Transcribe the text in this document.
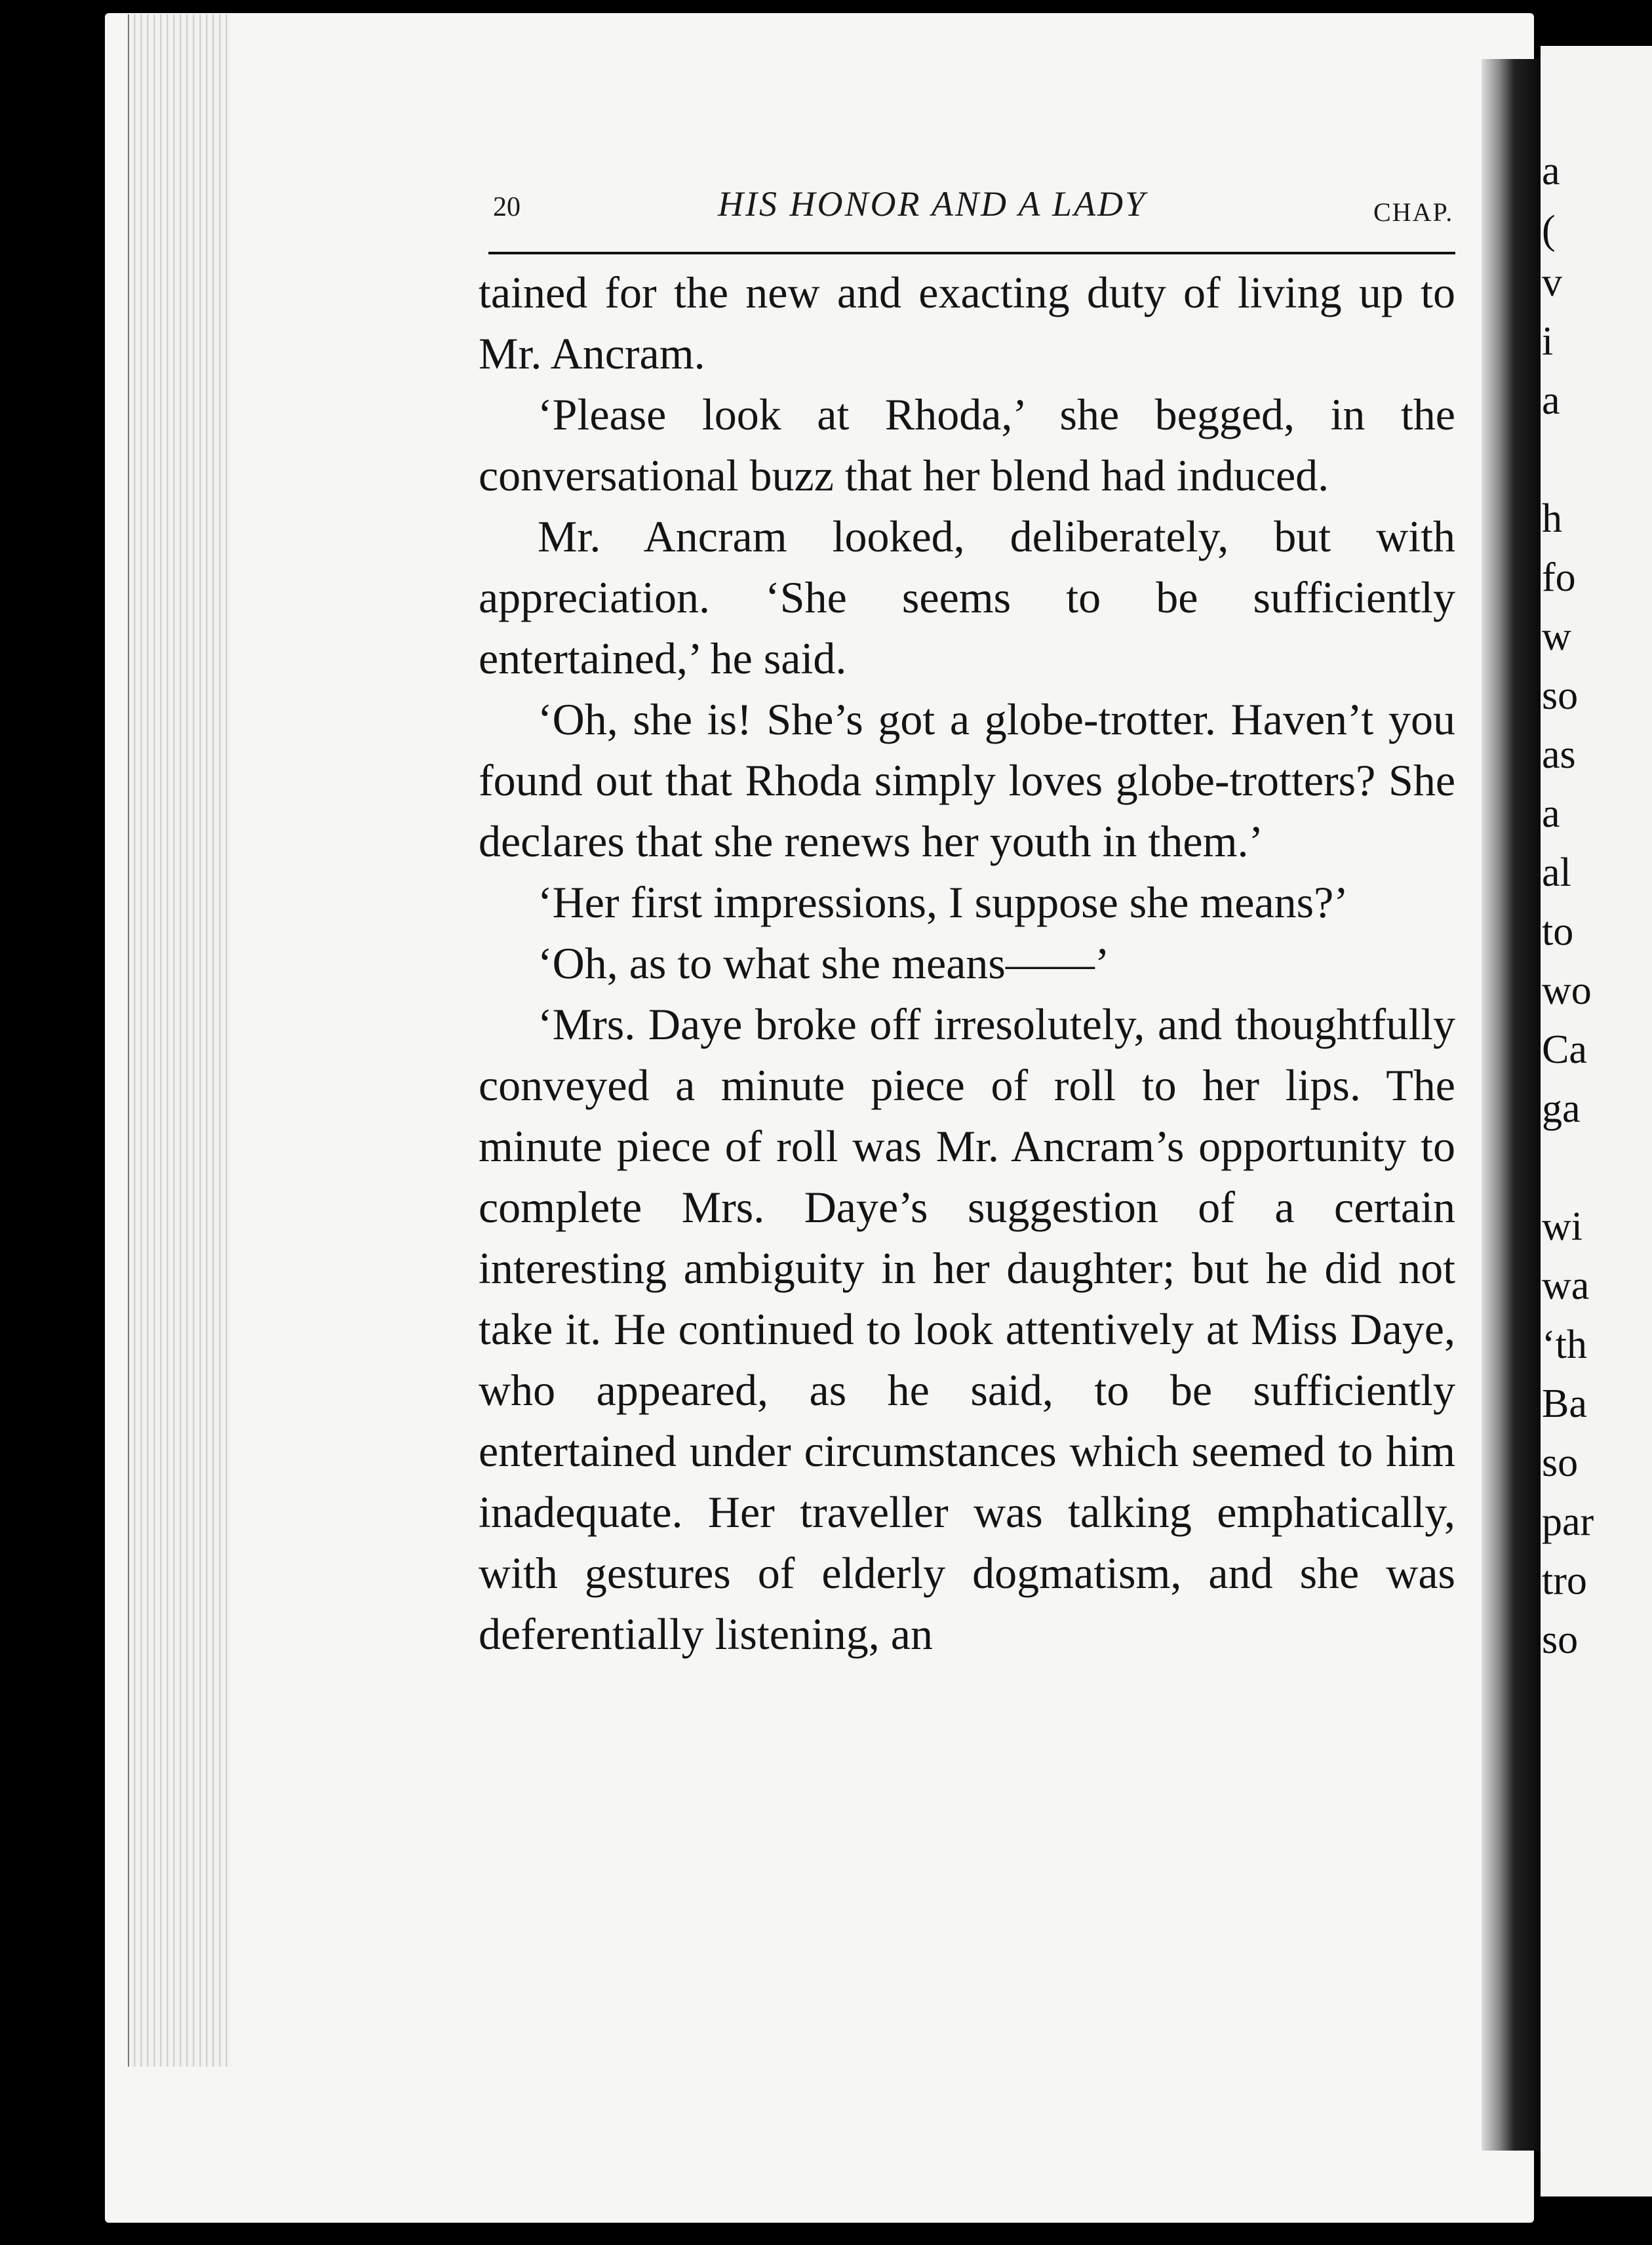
a
(
v
i
a
h
fo
w
so
as
a
al
to
wo
Ca
ga
wi
wa
‘th
Ba
so
par
tro
so
20	HIS HONOR AND A LADY	CHAP.

tained for the new and exacting duty of living up to Mr. Ancram.

‘Please look at Rhoda,’ she begged, in the conversational buzz that her blend had induced.

Mr. Ancram looked, deliberately, but with appreciation. ‘She seems to be sufficiently entertained,’ he said.

‘Oh, she is! She’s got a globe-trotter. Haven’t you found out that Rhoda simply loves globe-trotters? She declares that she renews her youth in them.’

‘Her first impressions, I suppose she means?’

‘Oh, as to what she means——’

‘Mrs. Daye broke off irresolutely, and thoughtfully conveyed a minute piece of roll to her lips. The minute piece of roll was Mr. Ancram’s opportunity to complete Mrs. Daye’s suggestion of a certain interesting ambiguity in her daughter; but he did not take it. He continued to look attentively at Miss Daye, who appeared, as he said, to be sufficiently entertained under circumstances which seemed to him inadequate. Her traveller was talking emphatically, with gestures of elderly dogmatism, and she was deferentially listening, an
